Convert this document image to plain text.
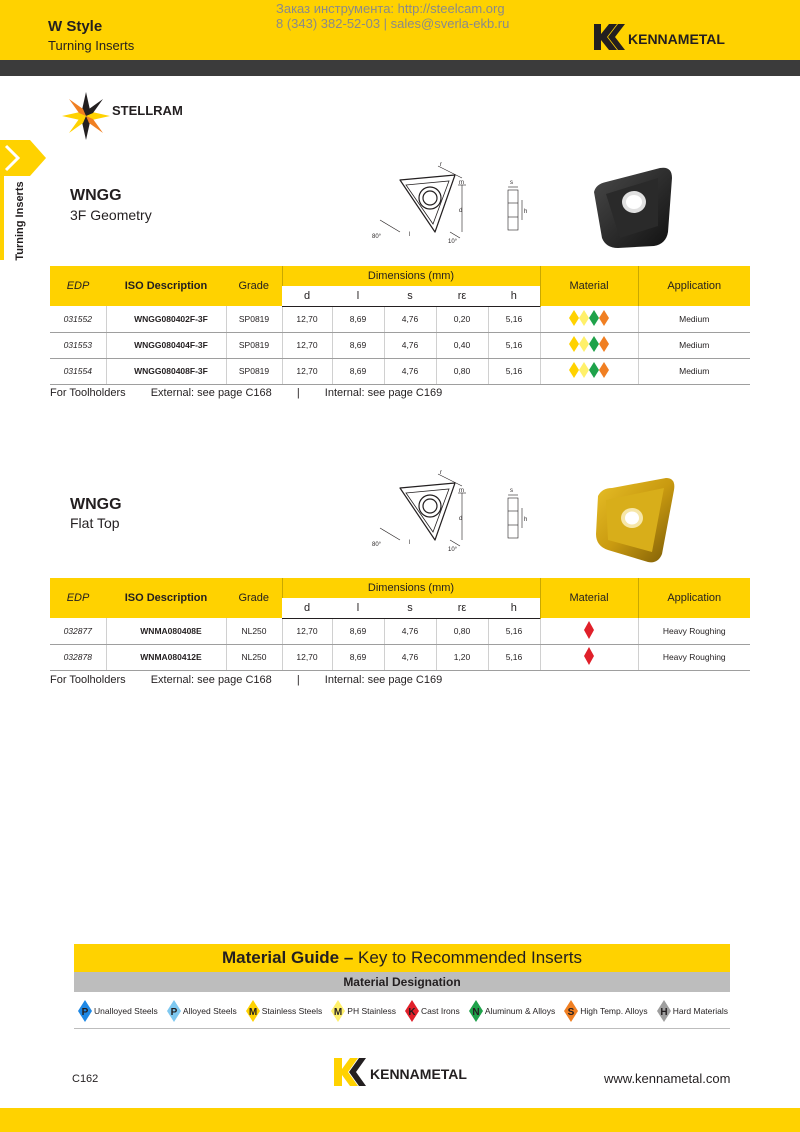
W Style
Turning Inserts
Заказ инструмента: http://steelcam.org
8 (343) 382-52-03 | sales@sverla-ekb.ru
KENNAMETAL
Turning Inserts
STELLRAM
WNGG
3F Geometry
r
m
d
l
80°
10°
s
h
EDP	ISO Description	Grade	Dimensions (mm)					Material	Application
			d	l	s	rε	h		
031552	WNGG080402F-3F	SP0819	12,70	8,69	4,76	0,20	5,16		Medium
031553	WNGG080404F-3F	SP0819	12,70	8,69	4,76	0,40	5,16		Medium
031554	WNGG080408F-3F	SP0819	12,70	8,69	4,76	0,80	5,16		Medium
For Toolholders External: see page C168 | Internal: see page C169
WNGG
Flat Top
r
m
d
l
80°
10°
s
h
EDP	ISO Description	Grade	Dimensions (mm)					Material	Application
			d	l	s	rε	h		
032877	WNMA080408E	NL250	12,70	8,69	4,76	0,80	5,16		Heavy Roughing
032878	WNMA080412E	NL250	12,70	8,69	4,76	1,20	5,16		Heavy Roughing
For Toolholders External: see page C168 | Internal: see page C169
Material Guide – Key to Recommended Inserts
Material Designation
P Unalloyed Steels P Alloyed Steels M Stainless Steels M PH Stainless K Cast Irons N Aluminum & Alloys S High Temp. Alloys H Hard Materials
C162	KENNAMETAL	www.kennametal.com
